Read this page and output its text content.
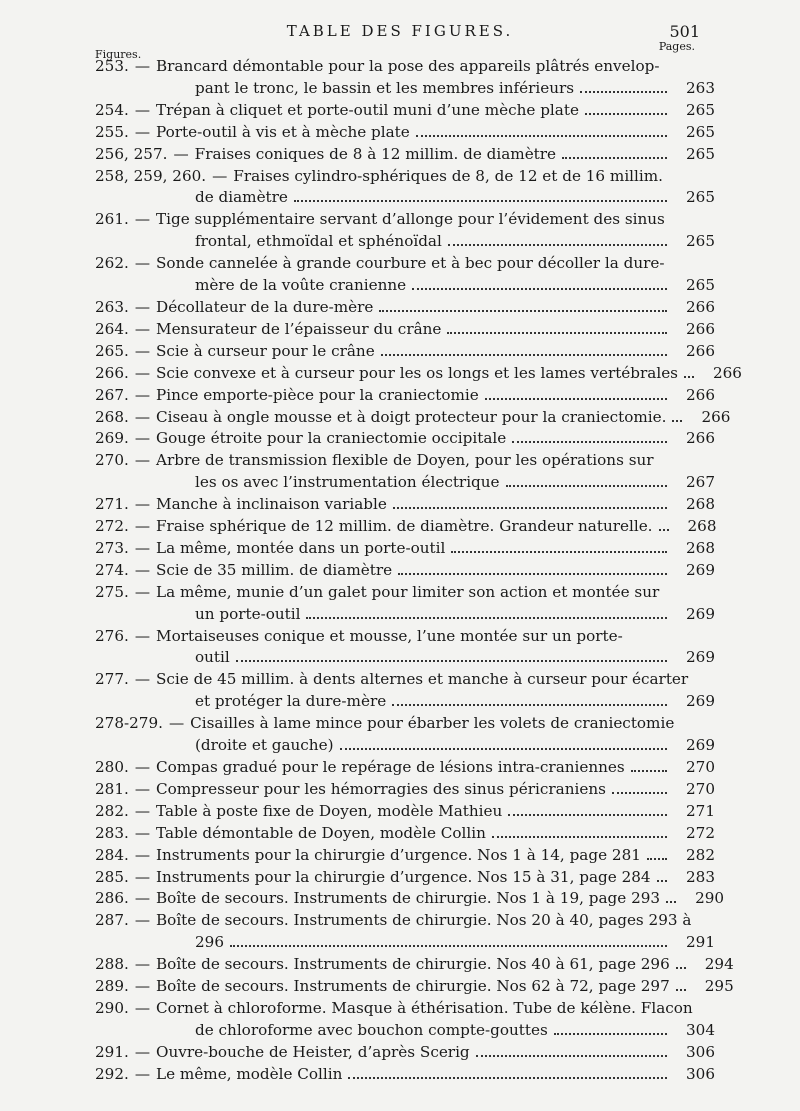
TABLE DES FIGURES.	501
Figures.
Pages.
253. — Brancard démontable pour la pose des appareils plâtrés envelop-
pant le tronc, le bassin et les membres inférieurs	263
254. — Trépan à cliquet et porte-outil muni d’une mèche plate	265
255. — Porte-outil à vis et à mèche plate	265
256, 257. — Fraises coniques de 8 à 12 millim. de diamètre	265
258, 259, 260. — Fraises cylindro-sphériques de 8, de 12 et de 16 millim.
de diamètre	265
261. — Tige supplémentaire servant d’allonge pour l’évidement des sinus
frontal, ethmoïdal et sphénoïdal	265
262. — Sonde cannelée à grande courbure et à bec pour décoller la dure-
mère de la voûte cranienne	265
263. — Décollateur de la dure-mère	266
264. — Mensurateur de l’épaisseur du crâne	266
265. — Scie à curseur pour le crâne	266
266. — Scie convexe et à curseur pour les os longs et les lames vertébrales	266
267. — Pince emporte-pièce pour la craniectomie	266
268. — Ciseau à ongle mousse et à doigt protecteur pour la craniectomie.	266
269. — Gouge étroite pour la craniectomie occipitale	266
270. — Arbre de transmission flexible de Doyen, pour les opérations sur
les os avec l’instrumentation électrique	267
271. — Manche à inclinaison variable	268
272. — Fraise sphérique de 12 millim. de diamètre. Grandeur naturelle.	268
273. — La même, montée dans un porte-outil	268
274. — Scie de 35 millim. de diamètre	269
275. — La même, munie d’un galet pour limiter son action et montée sur
un porte-outil	269
276. — Mortaiseuses conique et mousse, l’une montée sur un porte-
outil	269
277. — Scie de 45 millim. à dents alternes et manche à curseur pour écarter
et protéger la dure-mère	269
278-279. — Cisailles à lame mince pour ébarber les volets de craniectomie
(droite et gauche)	269
280. — Compas gradué pour le repérage de lésions intra-craniennes	270
281. — Compresseur pour les hémorragies des sinus péricraniens	270
282. — Table à poste fixe de Doyen, modèle Mathieu	271
283. — Table démontable de Doyen, modèle Collin	272
284. — Instruments pour la chirurgie d’urgence. Nos 1 à 14, page 281	282
285. — Instruments pour la chirurgie d’urgence. Nos 15 à 31, page 284	283
286. — Boîte de secours. Instruments de chirurgie. Nos 1 à 19, page 293	290
287. — Boîte de secours. Instruments de chirurgie. Nos 20 à 40, pages 293 à
296	291
288. — Boîte de secours. Instruments de chirurgie. Nos 40 à 61, page 296	294
289. — Boîte de secours. Instruments de chirurgie. Nos 62 à 72, page 297	295
290. — Cornet à chloroforme. Masque à éthérisation. Tube de kélène. Flacon
de chloroforme avec bouchon compte-gouttes	304
291. — Ouvre-bouche de Heister, d’après Scerig	306
292. — Le même, modèle Collin	306
